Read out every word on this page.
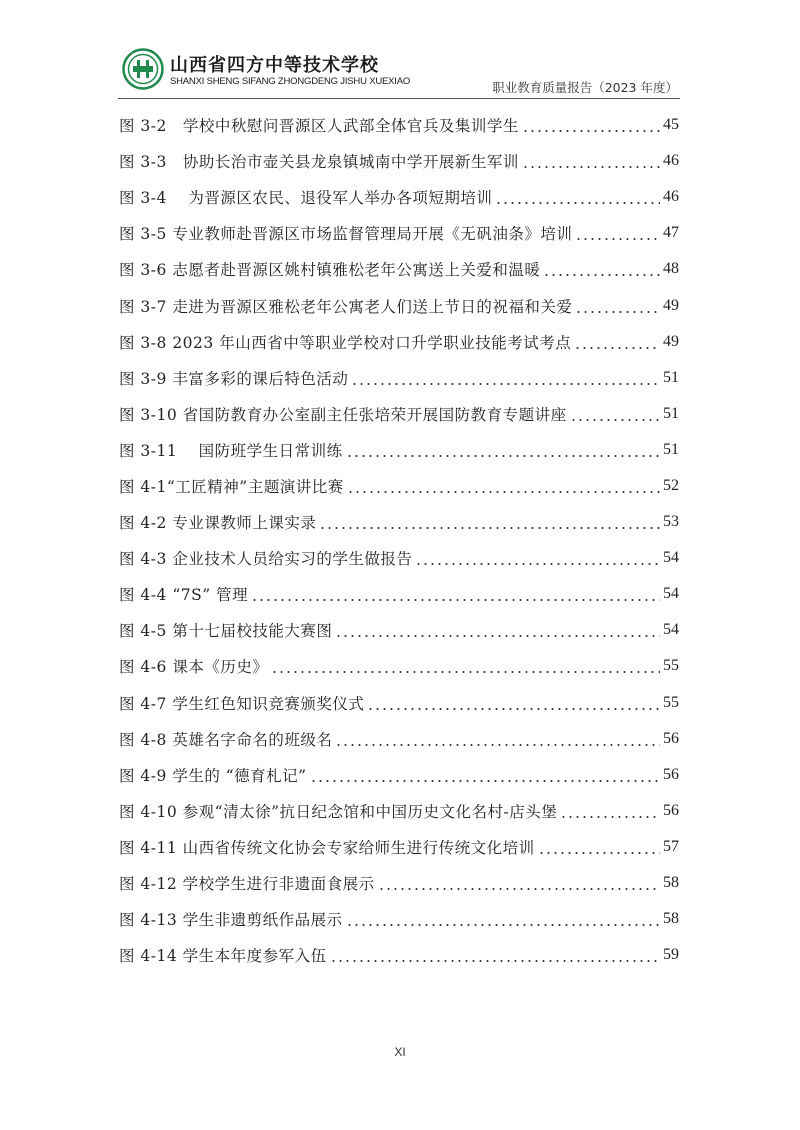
山西省四方中等技术学校
SHANXI SHENG SIFANG ZHONGDENG JISHU XUEXIAO	职业教育质量报告（2023 年度）
图 3-2　学校中秋慰问晋源区人武部全体官兵及集训学生	45
图 3-3　协助长治市壶关县龙泉镇城南中学开展新生军训	46
图 3-4　 为晋源区农民、退役军人举办各项短期培训	46
图 3-5 专业教师赴晋源区市场监督管理局开展《无矾油条》培训	47
图 3-6 志愿者赴晋源区姚村镇雅松老年公寓送上关爱和温暖	48
图 3-7 走进为晋源区雅松老年公寓老人们送上节日的祝福和关爱	49
图 3-8 2023 年山西省中等职业学校对口升学职业技能考试考点	49
图 3-9 丰富多彩的课后特色活动	51
图 3-10 省国防教育办公室副主任张培荣开展国防教育专题讲座	51
图 3-11　 国防班学生日常训练	51
图 4-1“工匠精神”主题演讲比赛	52
图 4-2 专业课教师上课实录	53
图 4-3 企业技术人员给实习的学生做报告	54
图 4-4 “7S” 管理	54
图 4-5 第十七届校技能大赛图	54
图 4-6 课本《历史》	55
图 4-7 学生红色知识竞赛颁奖仪式	55
图 4-8 英雄名字命名的班级名	56
图 4-9 学生的 “德育札记”	56
图 4-10 参观“清太徐”抗日纪念馆和中国历史文化名村-店头堡	56
图 4-11 山西省传统文化协会专家给师生进行传统文化培训	57
图 4-12 学校学生进行非遗面食展示	58
图 4-13 学生非遗剪纸作品展示	58
图 4-14 学生本年度参军入伍	59
XI
